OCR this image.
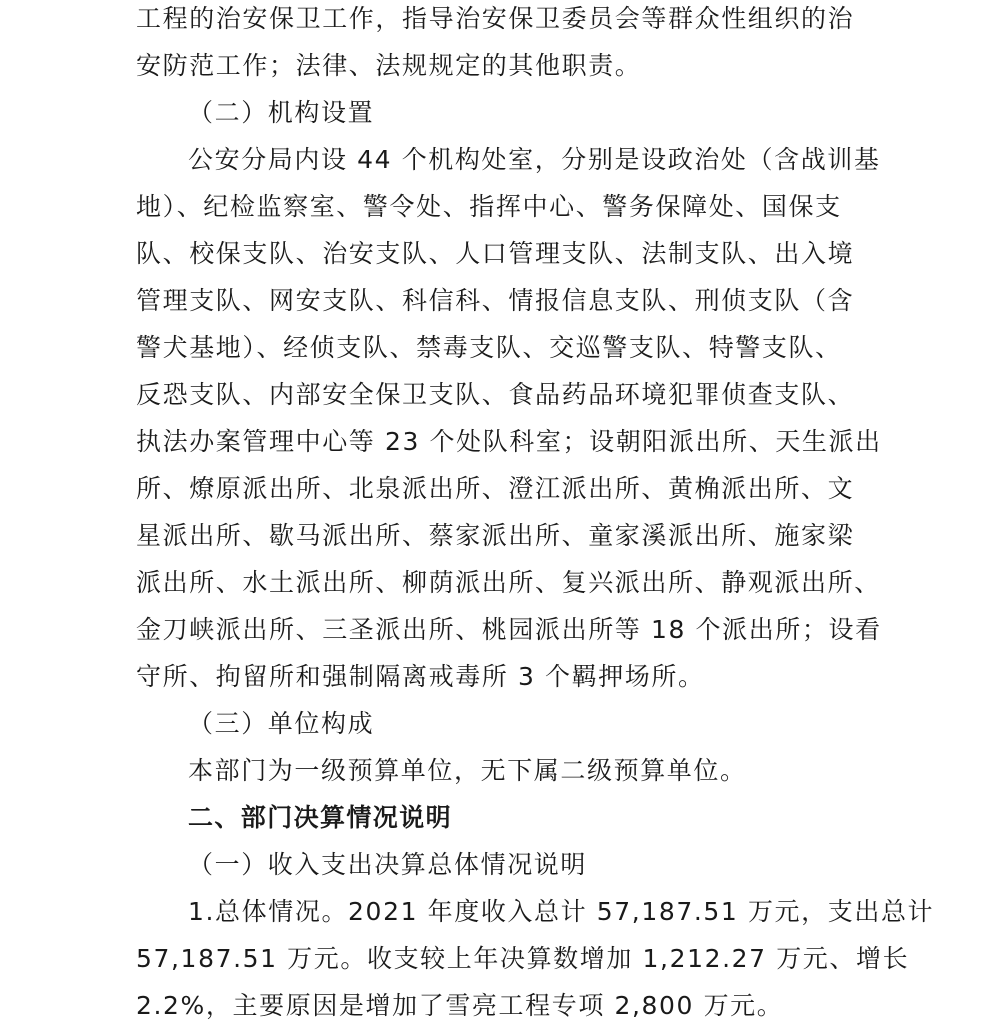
工程的治安保卫工作，指导治安保卫委员会等群众性组织的治
安防范工作；法律、法规规定的其他职责。
（二）机构设置
公安分局内设 44 个机构处室，分别是设政治处（含战训基
地）、纪检监察室、警令处、指挥中心、警务保障处、国保支
队、校保支队、治安支队、人口管理支队、法制支队、出入境
管理支队、网安支队、科信科、情报信息支队、刑侦支队（含
警犬基地）、经侦支队、禁毒支队、交巡警支队、特警支队、
反恐支队、内部安全保卫支队、食品药品环境犯罪侦查支队、
执法办案管理中心等 23 个处队科室；设朝阳派出所、天生派出
所、燎原派出所、北泉派出所、澄江派出所、黄桷派出所、文
星派出所、歇马派出所、蔡家派出所、童家溪派出所、施家梁
派出所、水土派出所、柳荫派出所、复兴派出所、静观派出所、
金刀峡派出所、三圣派出所、桃园派出所等 18 个派出所；设看
守所、拘留所和强制隔离戒毒所 3 个羁押场所。
（三）单位构成
本部门为一级预算单位，无下属二级预算单位。
二、部门决算情况说明
（一）收入支出决算总体情况说明
1.总体情况。2021 年度收入总计 57,187.51 万元，支出总计
57,187.51 万元。收支较上年决算数增加 1,212.27 万元、增长
2.2%，主要原因是增加了雪亮工程专项 2,800 万元。
